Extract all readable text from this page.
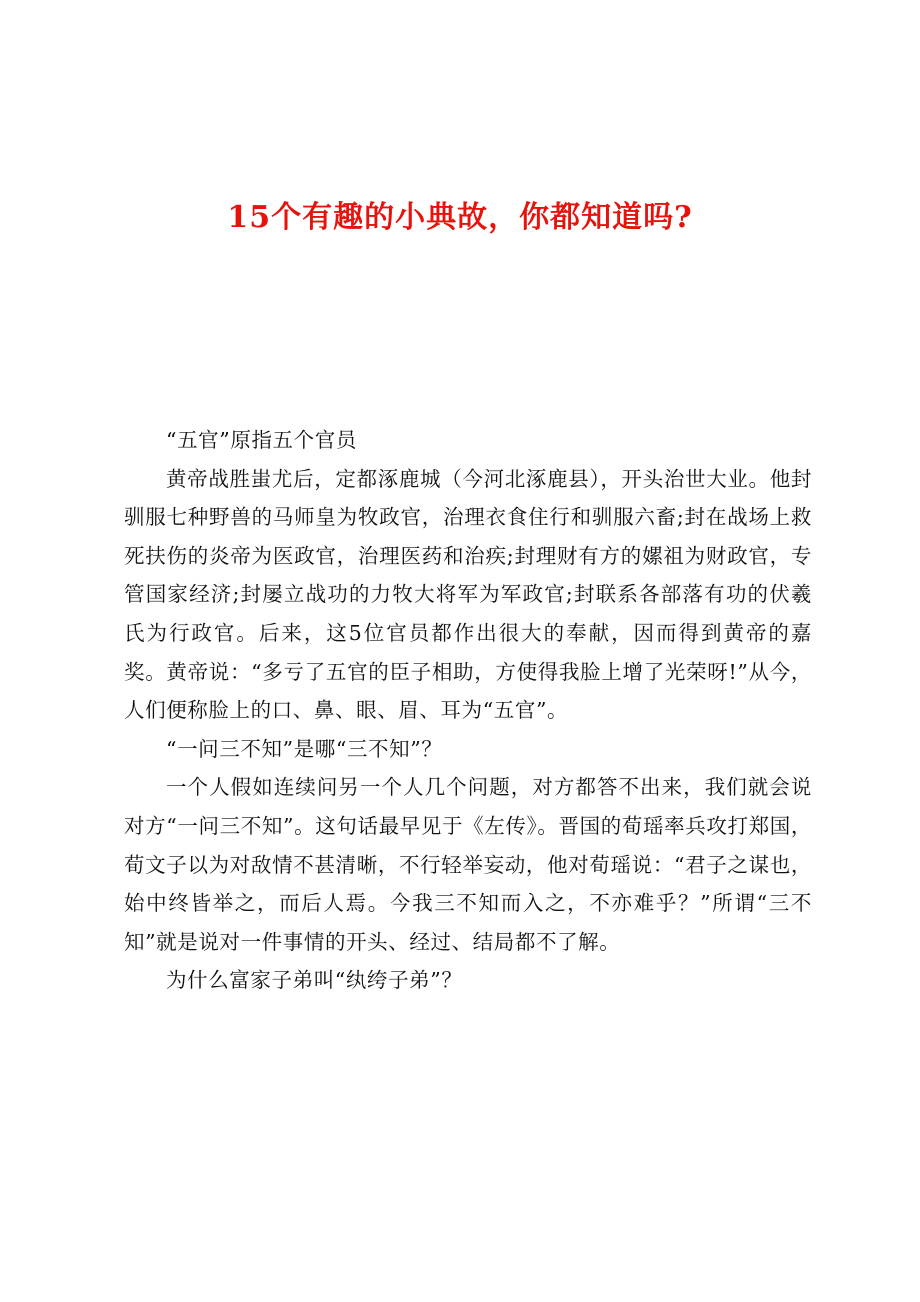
15个有趣的小典故，你都知道吗?

“五官”原指五个官员

黄帝战胜蚩尤后，定都涿鹿城（今河北涿鹿县），开头治世大业。他封驯服七种野兽的马师皇为牧政官，治理衣食住行和驯服六畜;封在战场上救死扶伤的炎帝为医政官，治理医药和治疾;封理财有方的嫘祖为财政官，专管国家经济;封屡立战功的力牧大将军为军政官;封联系各部落有功的伏羲氏为行政官。后来，这5位官员都作出很大的奉献，因而得到黄帝的嘉奖。黄帝说：“多亏了五官的臣子相助，方使得我脸上增了光荣呀!”从今，人们便称脸上的口、鼻、眼、眉、耳为“五官”。

“一问三不知”是哪“三不知”？

一个人假如连续问另一个人几个问题，对方都答不出来，我们就会说对方“一问三不知”。这句话最早见于《左传》。晋国的荀瑶率兵攻打郑国，荀文子以为对敌情不甚清晰，不行轻举妄动，他对荀瑶说：“君子之谋也，始中终皆举之，而后人焉。今我三不知而入之，不亦难乎？”所谓“三不知”就是说对一件事情的开头、经过、结局都不了解。

为什么富家子弟叫“纨绔子弟”？
